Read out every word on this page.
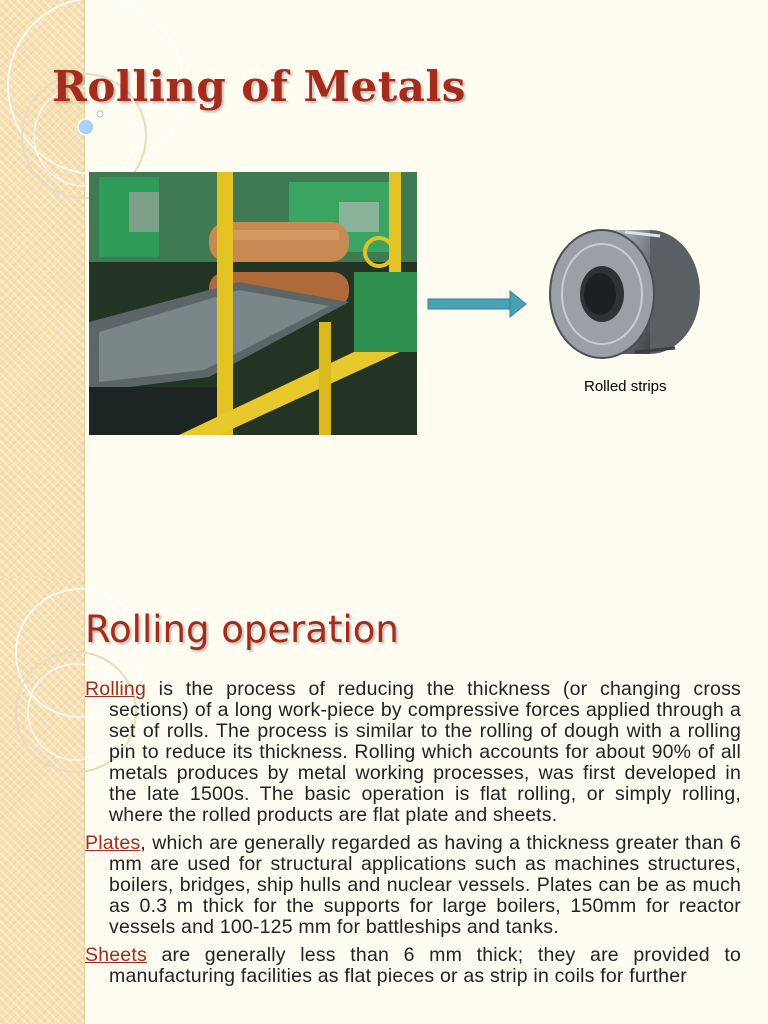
Rolling of Metals
Rolled strips
Rolling operation

Rolling is the process of reducing the thickness (or changing cross sections) of a long work-piece by compressive forces applied through a set of rolls. The process is similar to the rolling of dough with a rolling pin to reduce its thickness. Rolling which accounts for about 90% of all metals produces by metal working processes, was first developed in the late 1500s. The basic operation is flat rolling, or simply rolling, where the rolled products are flat plate and sheets.

Plates, which are generally regarded as having a thickness greater than 6 mm are used for structural applications such as machines structures, boilers, bridges, ship hulls and nuclear vessels. Plates can be as much as 0.3 m thick for the supports for large boilers, 150mm for reactor vessels and 100-125 mm for battleships and tanks.

Sheets are generally less than 6 mm thick; they are provided to manufacturing facilities as flat pieces or as strip in coils for further
